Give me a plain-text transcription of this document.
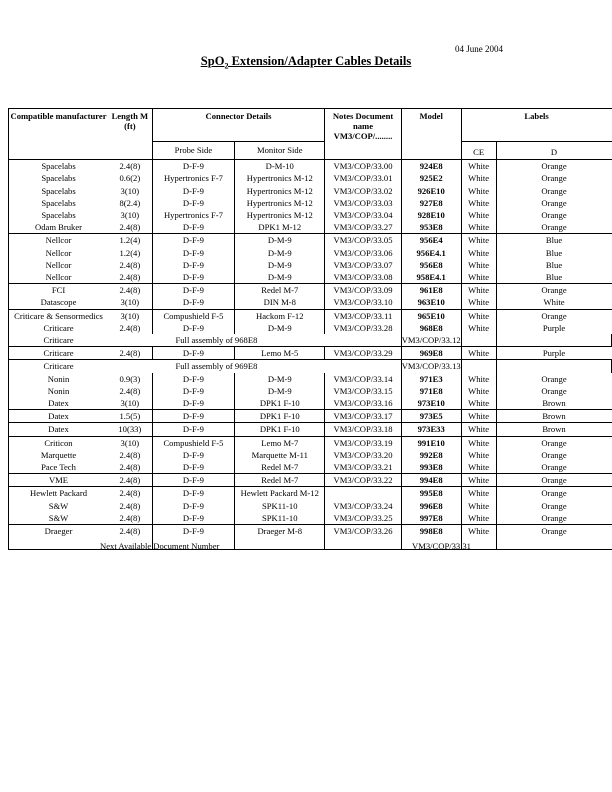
04 June 2004
SpO$_2$ Extension/Adapter Cables Details
Compatible manufacturer	Length M (ft)	Connector Details		Notes Document name VM3/COP/........	Model	Labels		
		Probe Side	Monitor Side			CE	D	
Spacelabs	2.4(8)	D-F-9	D-M-10	VM3/COP/33.00	924E8	White	Orange	
Spacelabs	0.6(2)	Hypertronics F-7	Hypertronics M-12	VM3/COP/33.01	925E2	White	Orange	
Spacelabs	3(10)	D-F-9	Hypertronics M-12	VM3/COP/33.02	926E10	White	Orange	
Spacelabs	8(2.4)	D-F-9	Hypertronics M-12	VM3/COP/33.03	927E8	White	Orange	
Spacelabs	3(10)	Hypertronics F-7	Hypertronics M-12	VM3/COP/33.04	928E10	White	Orange	
Odam Bruker	2.4(8)	D-F-9	DPK1 M-12	VM3/COP/33.27	953E8	White	Orange	
Nellcor	1.2(4)	D-F-9	D-M-9	VM3/COP/33.05	956E4	White	Blue	
Nellcor	1.2(4)	D-F-9	D-M-9	VM3/COP/33.06	956E4.1	White	Blue	
Nellcor	2.4(8)	D-F-9	D-M-9	VM3/COP/33.07	956E8	White	Blue	
Nellcor	2.4(8)	D-F-9	D-M-9	VM3/COP/33.08	958E4.1	White	Blue	
FCI	2.4(8)	D-F-9	Redel M-7	VM3/COP/33.09	961E8	White	Orange	
Datascope	3(10)	D-F-9	DIN M-8	VM3/COP/33.10	963E10	White	White	
Criticare & Sensormedics	3(10)	Compushield F-5	Hackom F-12	VM3/COP/33.11	965E10	White	Orange	
Criticare	2.4(8)	D-F-9	D-M-9	VM3/COP/33.28	968E8	White	Purple	
Criticare	Full assembly of 968E8				VM3/COP/33.12			
Criticare	2.4(8)	D-F-9	Lemo M-5	VM3/COP/33.29	969E8	White	Purple	
Criticare	Full assembly of 969E8				VM3/COP/33.13			
Nonin	0.9(3)	D-F-9	D-M-9	VM3/COP/33.14	971E3	White	Orange	
Nonin	2.4(8)	D-F-9	D-M-9	VM3/COP/33.15	971E8	White	Orange	
Datex	3(10)	D-F-9	DPK1 F-10	VM3/COP/33.16	973E10	White	Brown	
Datex	1.5(5)	D-F-9	DPK1 F-10	VM3/COP/33.17	973E5	White	Brown	
Datex	10(33)	D-F-9	DPK1 F-10	VM3/COP/33.18	973E33	White	Brown	
Criticon	3(10)	Compushield F-5	Lemo M-7	VM3/COP/33.19	991E10	White	Orange	
Marquette	2.4(8)	D-F-9	Marquette M-11	VM3/COP/33.20	992E8	White	Orange	
Pace Tech	2.4(8)	D-F-9	Redel M-7	VM3/COP/33.21	993E8	White	Orange	
VME	2.4(8)	D-F-9	Redel M-7	VM3/COP/33.22	994E8	White	Orange	
Hewlett Packard	2.4(8)	D-F-9	Hewlett Packard M-12		995E8	White	Orange	
S&W	2.4(8)	D-F-9	SPK11-10	VM3/COP/33.24	996E8	White	Orange	
S&W	2.4(8)	D-F-9	SPK11-10	VM3/COP/33.25	997E8	White	Orange	
Draeger	2.4(8)	D-F-9	Draeger M-8	VM3/COP/33.26	998E8	White	Orange	

Next Available Document Number	VM3/COP/33.31
